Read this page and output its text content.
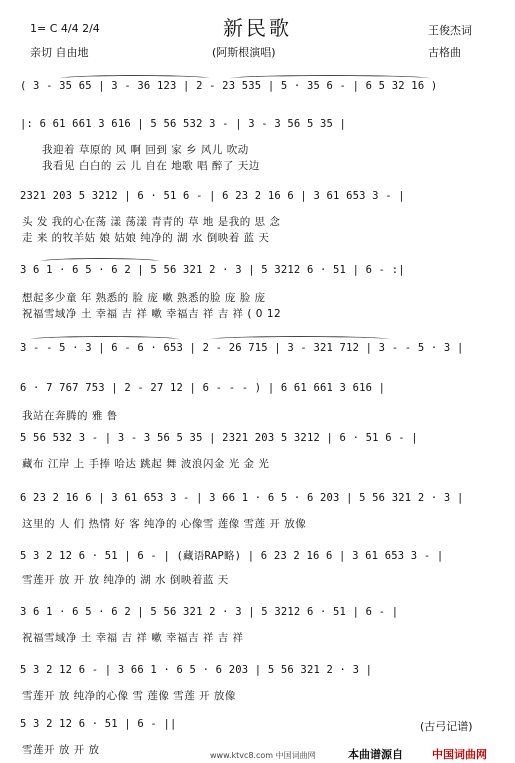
新民歌
1= C 4/4 2/4	王俊杰词
亲切 自由地	(阿斯根演唱)	古格曲
( 3 - 35 65 | 3 - 36 123 | 2 - 23 535 | 5 · 35 6 - | 6 5 32 16 )
|: 6 61 661 3 616 | 5 56 532 3 - | 3 - 3 56 5 35 |
我迎着 草原的 风 啊 回到 家 乡 风儿 吹动
我看见 白白的 云 儿 自在 地歌 唱 醉了 天边
2321 203 5 3212 | 6 · 51 6 - | 6 23 2 16 6 | 3 61 653 3 - |
头 发 我的心在荡 漾 荡漾 青青的 草 地 是我的 思 念
走 来 的牧羊姑 娘 姑娘 纯净的 湖 水 倒映着 蓝 天
3 6 1 · 6 5 · 6 2 | 5 56 321 2 · 3 | 5 3212 6 · 51 | 6 - :|
想起多少童 年 熟悉的 脸 庞 嗽 熟悉的脸 庞 脸 庞
祝福雪域净 土 幸福 吉 祥 嗽 幸福吉 祥 吉 祥 ( 0 12
3 - - 5 · 3 | 6 - 6 · 653 | 2 - 26 715 | 3 - 321 712 | 3 - - 5 · 3 |
6 · 7 767 753 | 2 - 27 12 | 6 - - - ) | 6 61 661 3 616 |
我站在奔腾的 雅 鲁
5 56 532 3 - | 3 - 3 56 5 35 | 2321 203 5 3212 | 6 · 51 6 - |
藏布 江岸 上 手捧 哈达 跳起 舞 波浪闪金 光 金 光
6 23 2 16 6 | 3 61 653 3 - | 3 66 1 · 6 5 · 6 203 | 5 56 321 2 · 3 |
这里的 人 们 热情 好 客 纯净的 心像雪 莲像 雪莲 开 放像
5 3 2 12 6 · 51 | 6 - | (藏语RAP略) | 6 23 2 16 6 | 3 61 653 3 - |
雪莲开 放 开 放 纯净的 湖 水 倒映着蓝 天
3 6 1 · 6 5 · 6 2 | 5 56 321 2 · 3 | 5 3212 6 · 51 | 6 - |
祝福雪域净 土 幸福 吉 祥 嗽 幸福吉 祥 吉 祥
5 3 2 12 6 - | 3 66 1 · 6 5 · 6 203 | 5 56 321 2 · 3 |
雪莲开 放 纯净的心像 雪 莲像 雪莲 开 放像
5 3 2 12 6 · 51 | 6 - ||
雪莲开 放 开 放
(古弓记谱)
www.ktvc8.com 中国词曲网	本曲谱源自	中国词曲网
